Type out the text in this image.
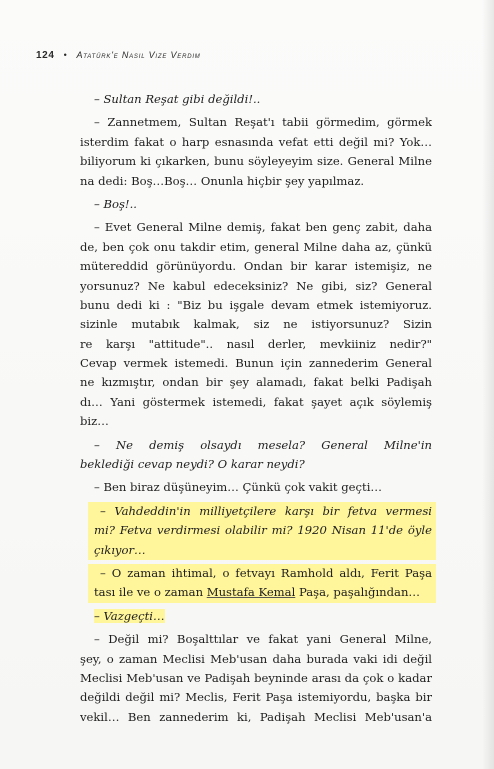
124 • Atatürk'e Nasıl Vize Verdim
– Sultan Reşat gibi değildi!..
– Zannetmem, Sultan Reşat'ı tabii görmedim, görmek
isterdim fakat o harp esnasında vefat etti değil mi? Yok…
biliyorum ki çıkarken, bunu söyleyeyim size. General Milne
na dedi: Boş…Boş… Onunla hiçbir şey yapılmaz.
– Boş!..
– Evet General Milne demiş, fakat ben genç zabit, daha
de, ben çok onu takdir etim, general Milne daha az, çünkü
mütereddid görünüyordu. Ondan bir karar istemişiz, ne
yorsunuz? Ne kabul edeceksiniz? Ne gibi, siz? General
bunu dedi ki : "Biz bu işgale devam etmek istemiyoruz.
sizinle mutabık kalmak, siz ne istiyorsunuz? Sizin
re karşı "attitude".. nasıl derler, mevkiiniz nedir?"
Cevap vermek istemedi. Bunun için zannederim General
ne kızmıştır, ondan bir şey alamadı, fakat belki Padişah
dı… Yani göstermek istemedi, fakat şayet açık söylemiş
biz…
– Ne demiş olsaydı mesela? General Milne'in
beklediği cevap neydi? O karar neydi?
– Ben biraz düşüneyim… Çünkü çok vakit geçti…
– Vahdeddin'in milliyetçilere karşı bir fetva vermesi
mi? Fetva verdirmesi olabilir mi? 1920 Nisan 11'de öyle
çıkıyor…
– O zaman ihtimal, o fetvayı Ramhold aldı, Ferit Paşa
tası ile ve o zaman Mustafa Kemal Paşa, paşalığından…
– Vazgeçti…
– Değil mi? Boşalttılar ve fakat yani General Milne,
şey, o zaman Meclisi Meb'usan daha burada vaki idi değil
Meclisi Meb'usan ve Padişah beyninde arası da çok o kadar
değildi değil mi? Meclis, Ferit Paşa istemiyordu, başka bir
vekil… Ben zannederim ki, Padişah Meclisi Meb'usan'a
